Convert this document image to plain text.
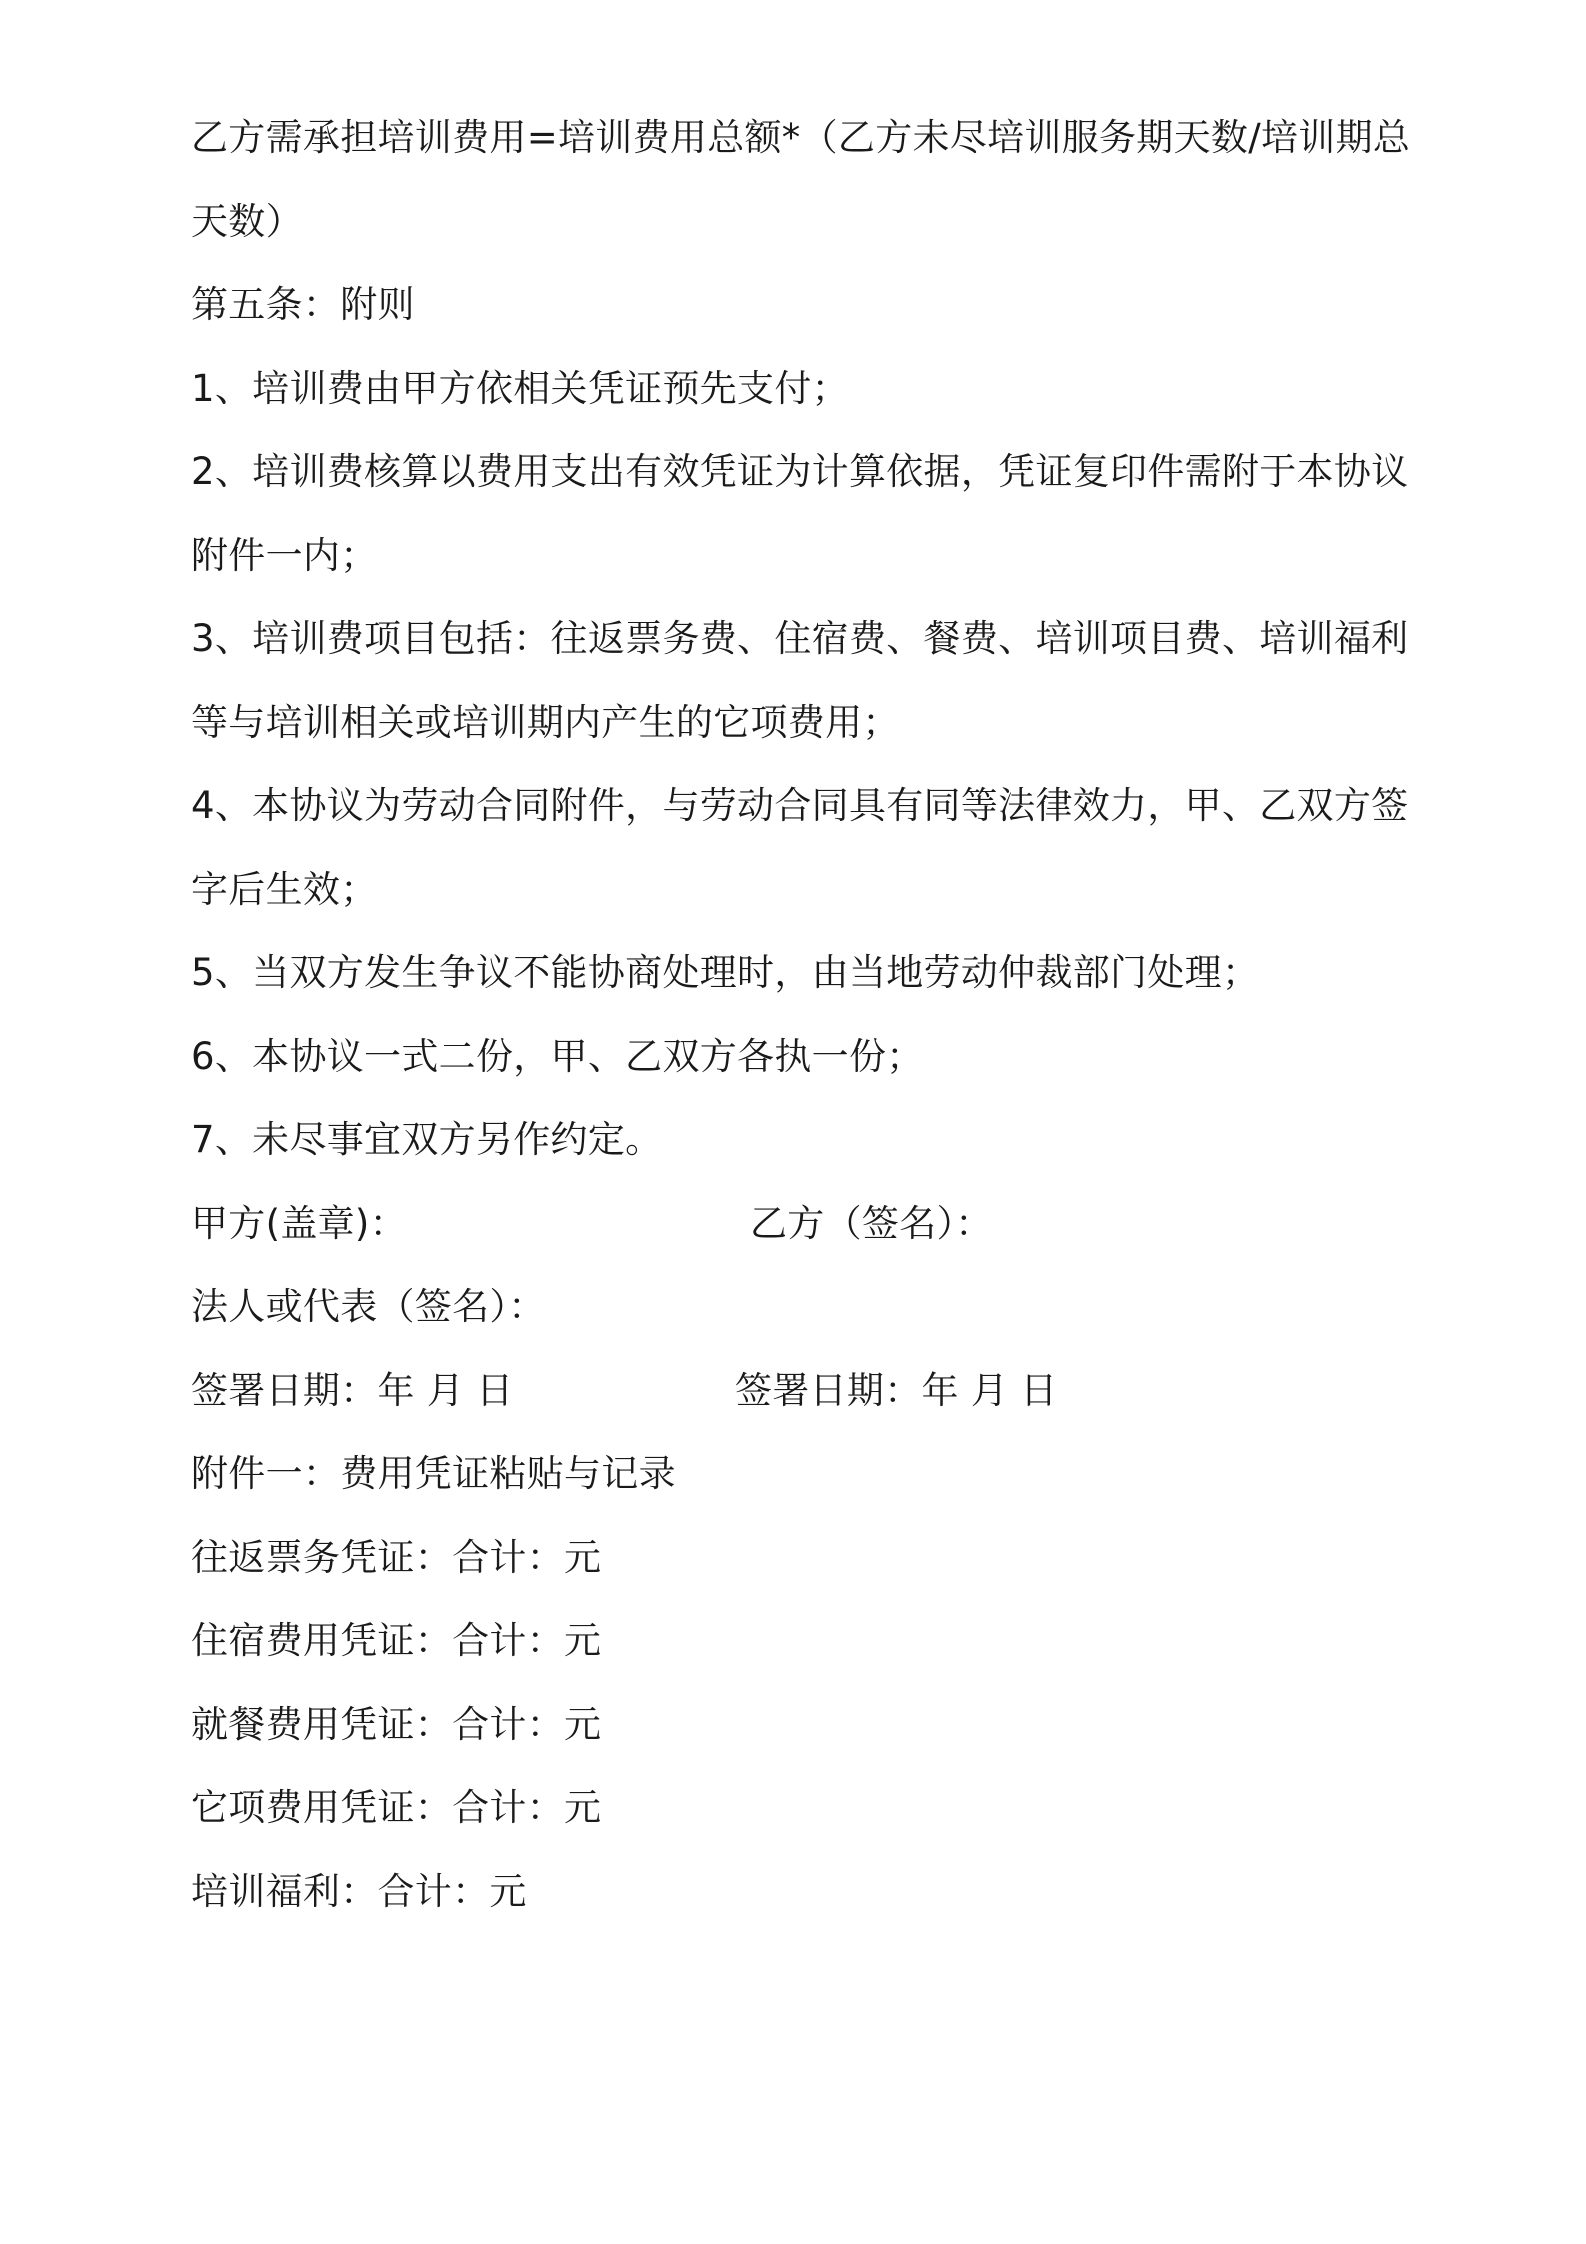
乙方需承担培训费用=培训费用总额*（乙方未尽培训服务期天数/培训期总
天数）
第五条：附则
1、培训费由甲方依相关凭证预先支付；
2、培训费核算以费用支出有效凭证为计算依据，凭证复印件需附于本协议
附件一内；
3、培训费项目包括：往返票务费、住宿费、餐费、培训项目费、培训福利
等与培训相关或培训期内产生的它项费用；
4、本协议为劳动合同附件，与劳动合同具有同等法律效力，甲、乙双方签
字后生效；
5、当双方发生争议不能协商处理时，由当地劳动仲裁部门处理；
6、本协议一式二份，甲、乙双方各执一份；
7、未尽事宜双方另作约定。
甲方(盖章)：	乙方（签名）：
法人或代表（签名）：
签署日期：年 月 日	签署日期：年 月 日
附件一：费用凭证粘贴与记录
往返票务凭证：合计：元
住宿费用凭证：合计：元
就餐费用凭证：合计：元
它项费用凭证：合计：元
培训福利：合计：元
